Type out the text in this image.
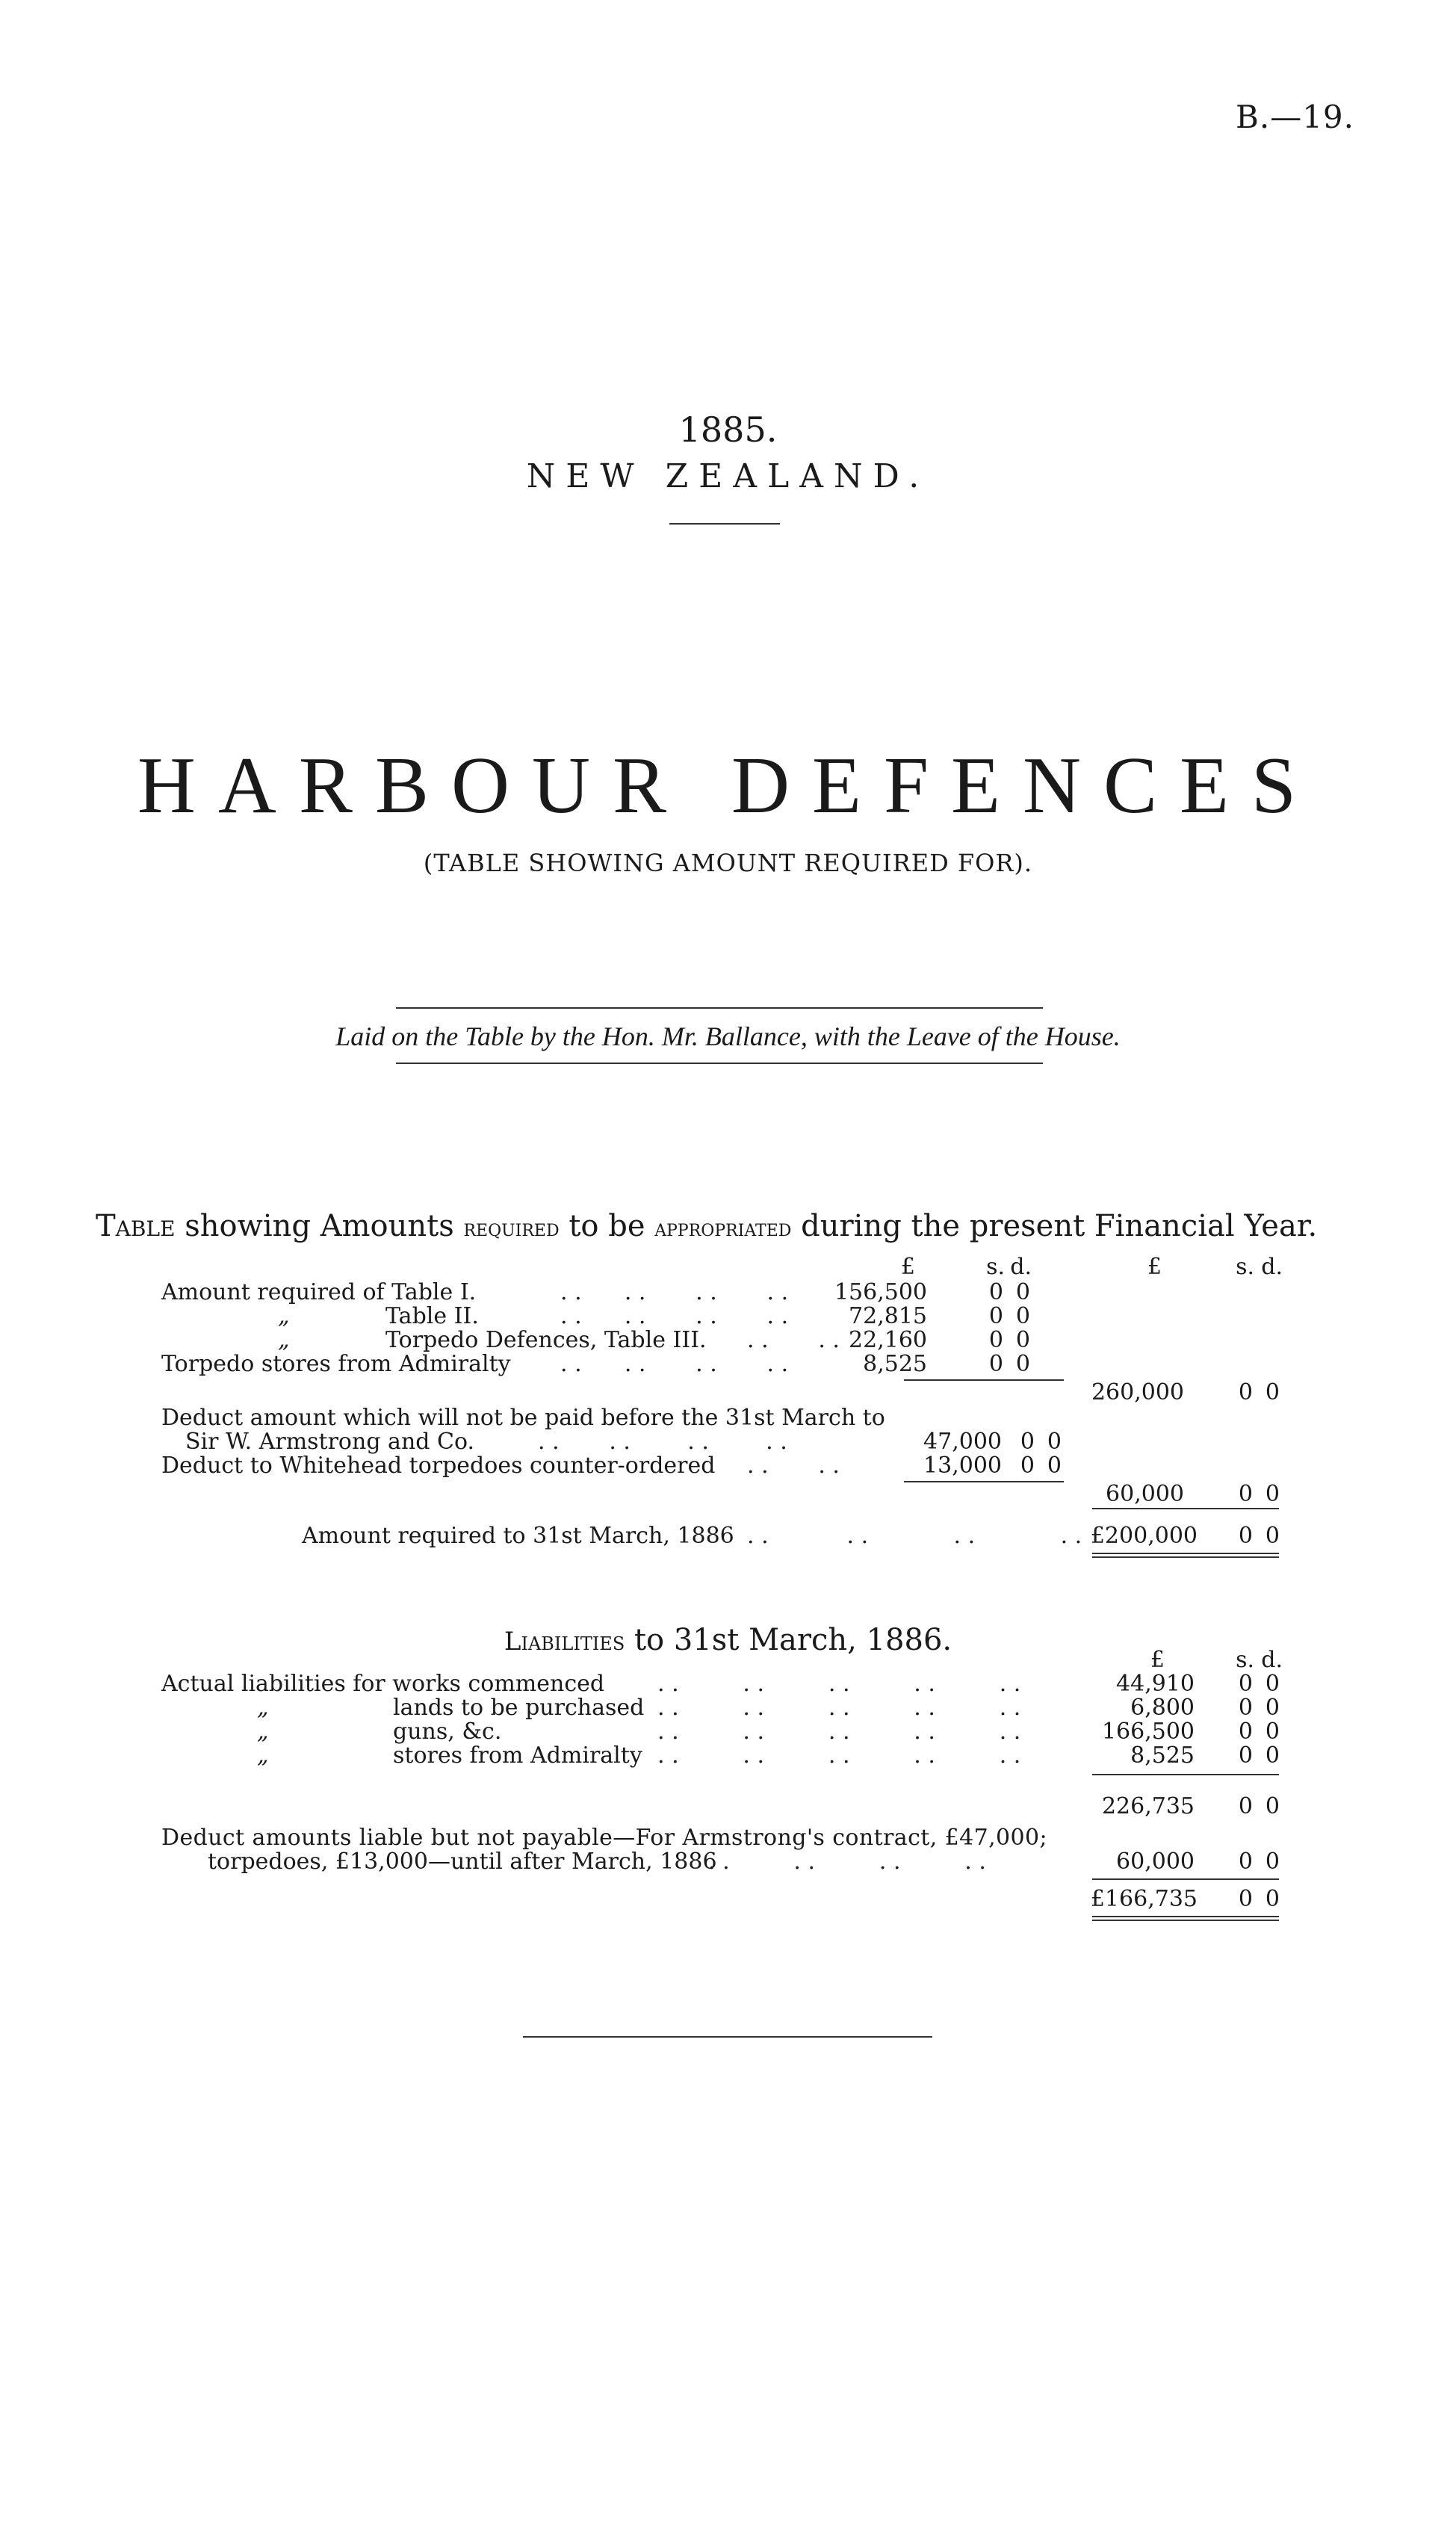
B.—19.
1885.
NEW ZEALAND.
HARBOUR DEFENCES
(TABLE SHOWING AMOUNT REQUIRED FOR).
Laid on the Table by the Hon. Mr. Ballance, with the Leave of the House.
Table showing Amounts required to be appropriated during the present Financial Year.
£	s. d.	£	s. d.
Amount required of Table I.	. .      . .       . .       . . 156,500	0 0
„	Table II.	. .      . .       . .       . .	72,815	0 0
„	Torpedo Defences, Table III. . .       . . 22,160	0 0
Torpedo stores from Admiralty . .      . .       . .       . .	8,525	0 0
260,000 0 0
Deduct amount which will not be paid before the 31st March to
Sir W. Armstrong and Co.	. .       . .        . .        . .	47,000 0 0
Deduct to Whitehead torpedoes counter-ordered . .       . .	13,000 0 0
60,000 0 0
Amount required to 31st March, 1886 . .           . .            . .            . . £200,000 0 0
Liabilities to 31st March, 1886.
£	s. d.
Actual liabilities for works commenced . .         . .         . .         . .         . .	44,910 0 0
„	lands to be purchased . .         . .         . .         . .         . .	6,800 0 0
„	guns, &c.	. .         . .         . .         . .         . .	166,500 0 0
„	stores from Admiralty . .         . .         . .         . .         . .	8,525 0 0
226,735 0 0
Deduct amounts liable but not payable—For Armstrong's contract, £47,000;
torpedoes, £13,000—until after March, 1886
. .         . .         . .         . .	60,000 0 0
£166,735 0 0
